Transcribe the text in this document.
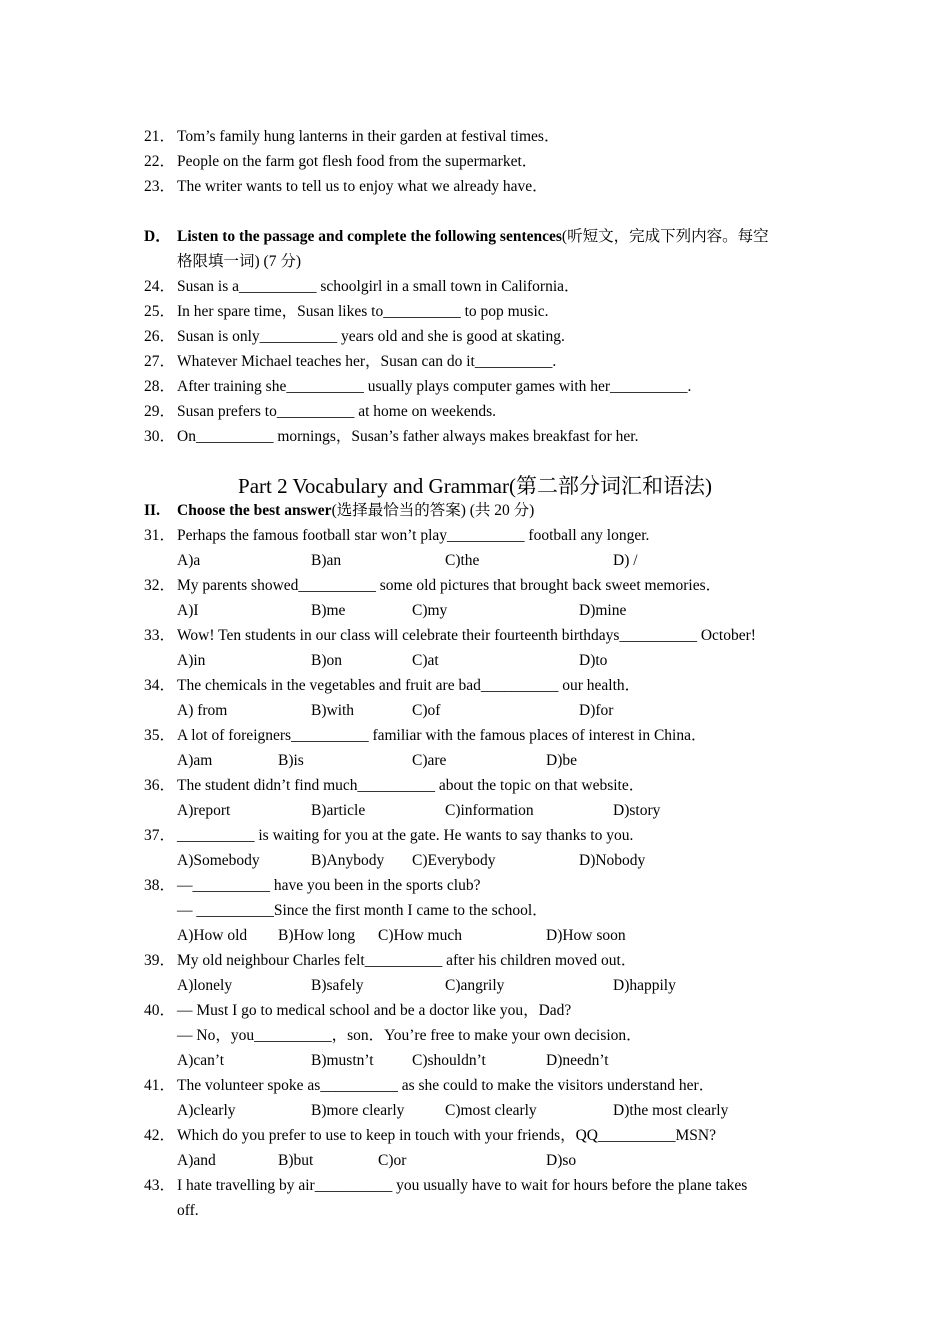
21． Tom’s family hung lanterns in their garden at festival times．
22． People on the farm got flesh food from the supermarket．
23． The writer wants to tell us to enjoy what we already have．
D． Listen to the passage and complete the following sentences(听短文，完成下列内容。每空
格限填一词) (7 分)
24． Susan is a__________ schoolgirl in a small town in California．
25． In her spare time，Susan likes to__________ to pop music.
26． Susan is only__________ years old and she is good at skating.
27． Whatever Michael teaches her，Susan can do it__________.
28． After training she__________ usually plays computer games with her__________.
29． Susan prefers to__________ at home on weekends.
30． On__________ mornings，Susan’s father always makes breakfast for her.
Part 2 Vocabulary and Grammar(第二部分词汇和语法)
II. Choose the best answer(选择最恰当的答案) (共 20 分)
31． Perhaps the famous football star won’t play__________ football any longer.
A)a	B)an	C)the	D) /
32． My parents showed__________ some old pictures that brought back sweet memories．
A)I	B)me	C)my	D)mine
33． Wow! Ten students in our class will celebrate their fourteenth birthdays__________ October!
A)in	B)on	C)at	D)to
34． The chemicals in the vegetables and fruit are bad__________ our health．
A) from	B)with	C)of	D)for
35． A lot of foreigners__________ familiar with the famous places of interest in China．
A)am	B)is	C)are	D)be
36． The student didn’t find much__________ about the topic on that website．
A)report	B)article	C)information	D)story
37． __________ is waiting for you at the gate. He wants to say thanks to you.
A)Somebody	B)Anybody C)Everybody	D)Nobody
38． —__________ have you been in the sports club?
— __________Since the first month I came to the school．
A)How old B)How long C)How much	D)How soon
39． My old neighbour Charles felt__________ after his children moved out．
A)lonely	B)safely	C)angrily	D)happily
40． — Must I go to medical school and be a doctor like you，Dad?
— No，you__________，son．You’re free to make your own decision．
A)can’t	B)mustn’t C)shouldn’t	D)needn’t
41． The volunteer spoke as__________ as she could to make the visitors understand her．
A)clearly	B)more clearly	C)most clearly	D)the most clearly
42． Which do you prefer to use to keep in touch with your friends，QQ__________MSN?
A)and	B)but	C)or	D)so
43． I hate travelling by air__________ you usually have to wait for hours before the plane takes
off.
